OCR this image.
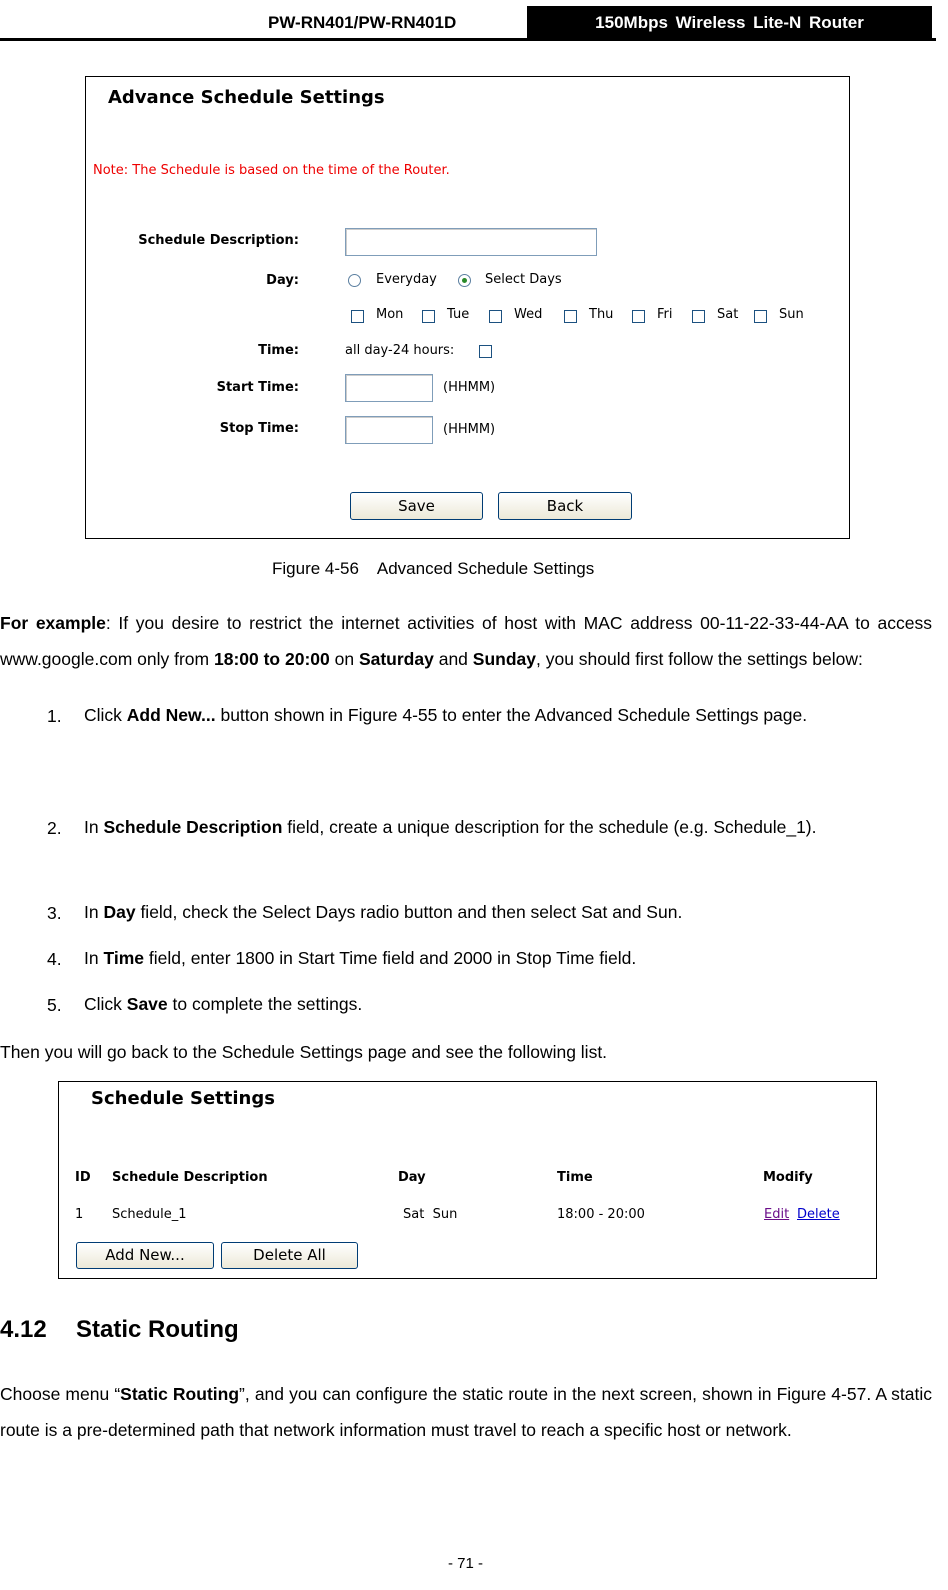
PW-RN401/PW-RN401D	150Mbps Wireless Lite-N Router
Advance Schedule Settings
Note: The Schedule is based on the time of the Router.
Schedule Description:
Day:	Everyday	Select Days
Mon	Tue	Wed	Thu	Fri	Sat	Sun
Time:	all day-24 hours:
Start Time:	(HHMM)
Stop Time:	(HHMM)
Save	Back
Figure 4-56    Advanced Schedule Settings
For example: If you desire to restrict the internet activities of host with MAC address 00-11-22-33-44-AA to access www.google.com only from 18:00 to 20:00 on Saturday and Sunday, you should first follow the settings below:
1. Click Add New... button shown in Figure 4-55 to enter the Advanced Schedule Settings page.
2. In Schedule Description field, create a unique description for the schedule (e.g. Schedule_1).
3. In Day field, check the Select Days radio button and then select Sat and Sun.
4. In Time field, enter 1800 in Start Time field and 2000 in Stop Time field.
5. Click Save to complete the settings.
Then you will go back to the Schedule Settings page and see the following list.
Schedule Settings
ID Schedule Description	Day	Time	Modify
1 Schedule_1	Sat  Sun	18:00 - 20:00	Edit Delete
Add New...	Delete All
4.12 Static Routing
Choose menu “Static Routing”, and you can configure the static route in the next screen, shown in Figure 4-57. A static route is a pre-determined path that network information must travel to reach a specific host or network.
- 71 -
